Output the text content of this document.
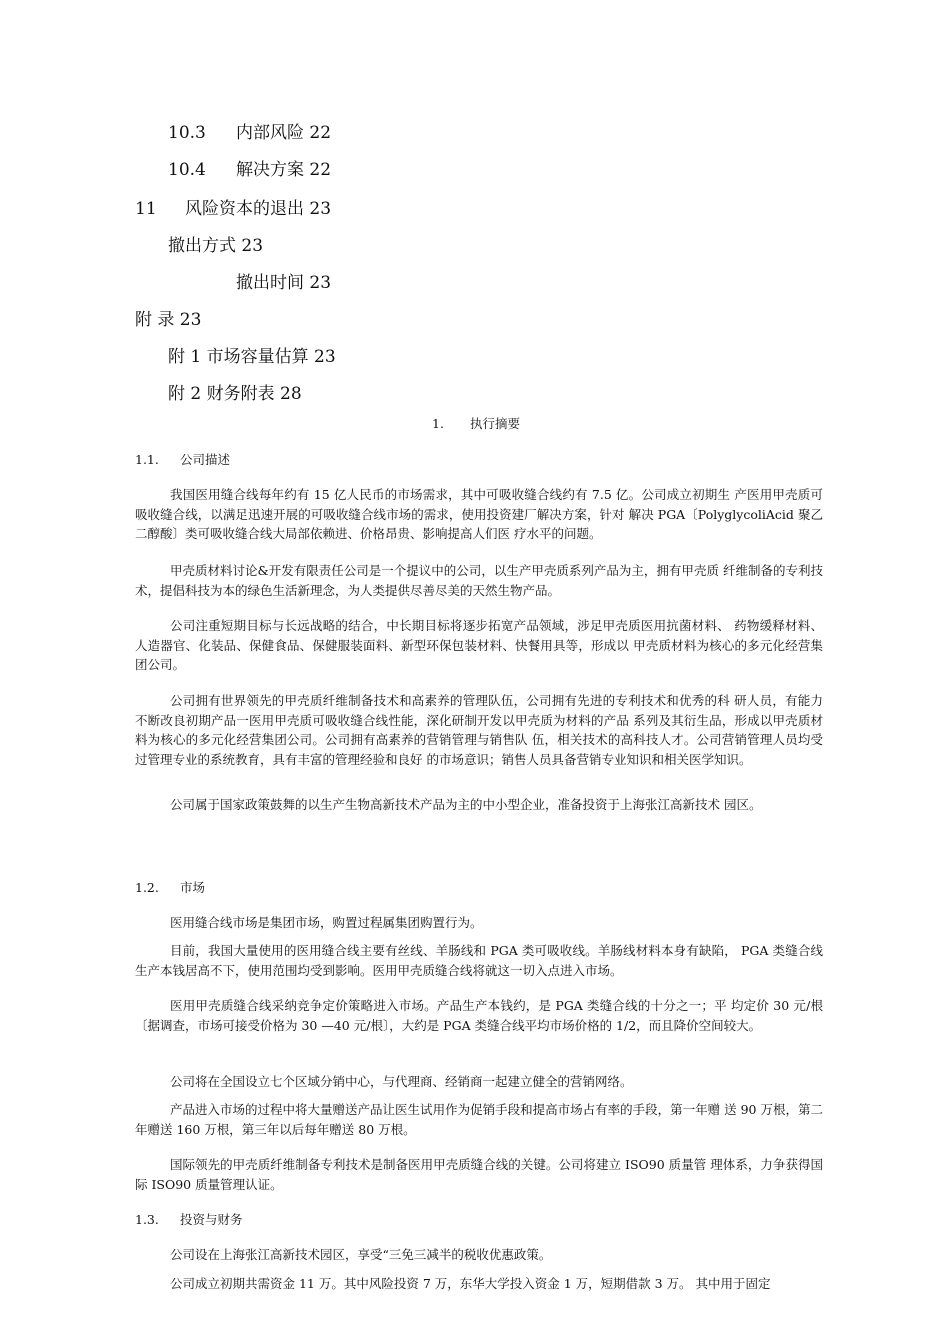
10.3 内部风险 22
10.4 解决方案 22
11 风险资本的退出 23
撤出方式 23
撤出时间 23
附 录 23
附 1 市场容量估算 23
附 2 财务附表 28
1. 执行摘要
1.1. 公司描述

我国医用缝合线每年约有 15 亿人民币的市场需求，其中可吸收缝合线约有 7.5 亿。公司成立初期生 产医用甲壳质可吸收缝合线，以满足迅速开展的可吸收缝合线市场的需求，使用投资建厂解决方案，针对 解决 PGA〔PolyglycoliAcid 聚乙二醇酸〕类可吸收缝合线大局部依赖进、价格昂贵、影响提高人们医 疗水平的问题。

甲壳质材料讨论&开发有限责任公司是一个提议中的公司，以生产甲壳质系列产品为主，拥有甲壳质 纤维制备的专利技术，提倡科技为本的绿色生活新理念，为人类提供尽善尽美的天然生物产品。

公司注重短期目标与长远战略的结合，中长期目标将逐步拓宽产品领域，涉足甲壳质医用抗菌材料、 药物缓释材料、人造器官、化装品、保健食品、保健服装面料、新型环保包装材料、快餐用具等，形成以 甲壳质材料为核心的多元化经营集团公司。

公司拥有世界领先的甲壳质纤维制备技术和高素养的管理队伍，公司拥有先进的专利技术和优秀的科 研人员，有能力不断改良初期产品一医用甲壳质可吸收缝合线性能，深化研制开发以甲壳质为材料的产品 系列及其衍生品，形成以甲壳质材料为核心的多元化经营集团公司。公司拥有高素养的营销管理与销售队 伍，相关技术的高科技人才。公司营销管理人员均受过管理专业的系统教育，具有丰富的管理经验和良好 的市场意识；销售人员具备营销专业知识和相关医学知识。

公司属于国家政策鼓舞的以生产生物高新技术产品为主的中小型企业，准备投资于上海张江高新技术 园区。

1.2. 市场

医用缝合线市场是集团市场，购置过程属集团购置行为。

目前，我国大量使用的医用缝合线主要有丝线、羊肠线和 PGA 类可吸收线。羊肠线材料本身有缺陷， PGA 类缝合线生产本钱居高不下，使用范围均受到影响。医用甲壳质缝合线将就这一切入点进入市场。

医用甲壳质缝合线采纳竞争定价策略进入市场。产品生产本钱约，是 PGA 类缝合线的十分之一；平 均定价 30 元/根〔据调查，市场可接受价格为 30 —40 元/根〕，大约是 PGA 类缝合线平均市场价格的 1/2，而且降价空间较大。

公司将在全国设立七个区域分销中心，与代理商、经销商一起建立健全的营销网络。

产品进入市场的过程中将大量赠送产品让医生试用作为促销手段和提高市场占有率的手段，第一年赠 送 90 万根，第二年赠送 160 万根，第三年以后每年赠送 80 万根。

国际领先的甲壳质纤维制备专利技术是制备医用甲壳质缝合线的关键。公司将建立 ISO90 质量管 理体系，力争获得国际 ISO90 质量管理认证。

1.3. 投资与财务

公司设在上海张江高新技术园区，享受“三免三减半的税收优惠政策。

公司成立初期共需资金 11 万。其中风险投资 7 万，东华大学投入资金 1 万，短期借款 3 万。 其中用于固定
